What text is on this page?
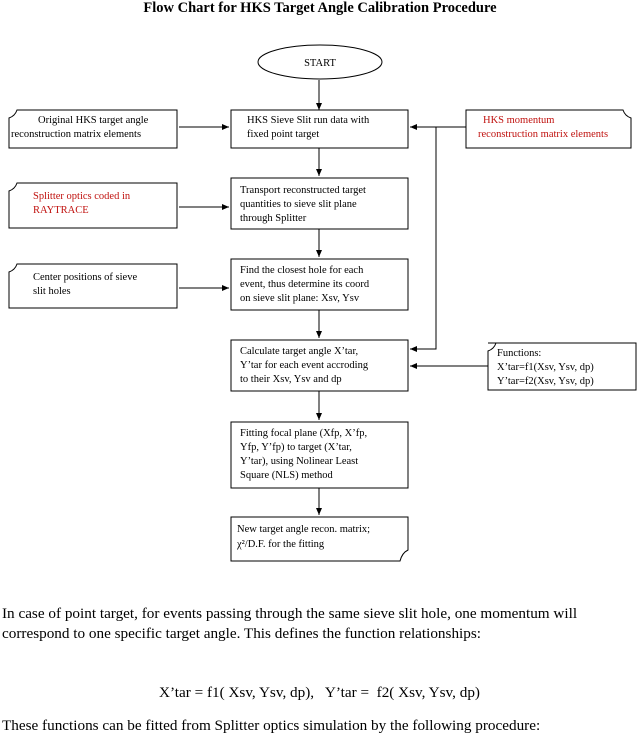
Flow Chart for HKS Target Angle Calibration Procedure
START
HKS Sieve Slit run data with
fixed point target
Transport reconstructed target
quantities to sieve slit plane
through Splitter
Find the closest hole for each
event, thus determine its coord
on sieve slit plane: Xsv, Ysv
Calculate target angle X’tar,
Y’tar for each event accroding
to their Xsv, Ysv and dp
Fitting focal plane (Xfp, X’fp,
Yfp, Y’fp) to target (X’tar,
Y’tar), using Nolinear Least
Square (NLS) method
New target angle recon. matrix;
χ²/D.F. for the fitting
Original HKS target angle
reconstruction matrix elements
Splitter optics coded in
RAYTRACE
Center positions of sieve
slit holes
HKS momentum
reconstruction matrix elements
Functions:
X’tar=f1(Xsv, Ysv, dp)
Y’tar=f2(Xsv, Ysv, dp)
In case of point target, for events passing through the same sieve slit hole, one momentum will correspond to one specific target angle. This defines the function relationships:
X’tar = f1( Xsv, Ysv, dp),   Y’tar =  f2( Xsv, Ysv, dp)
These functions can be fitted from Splitter optics simulation by the following procedure:
